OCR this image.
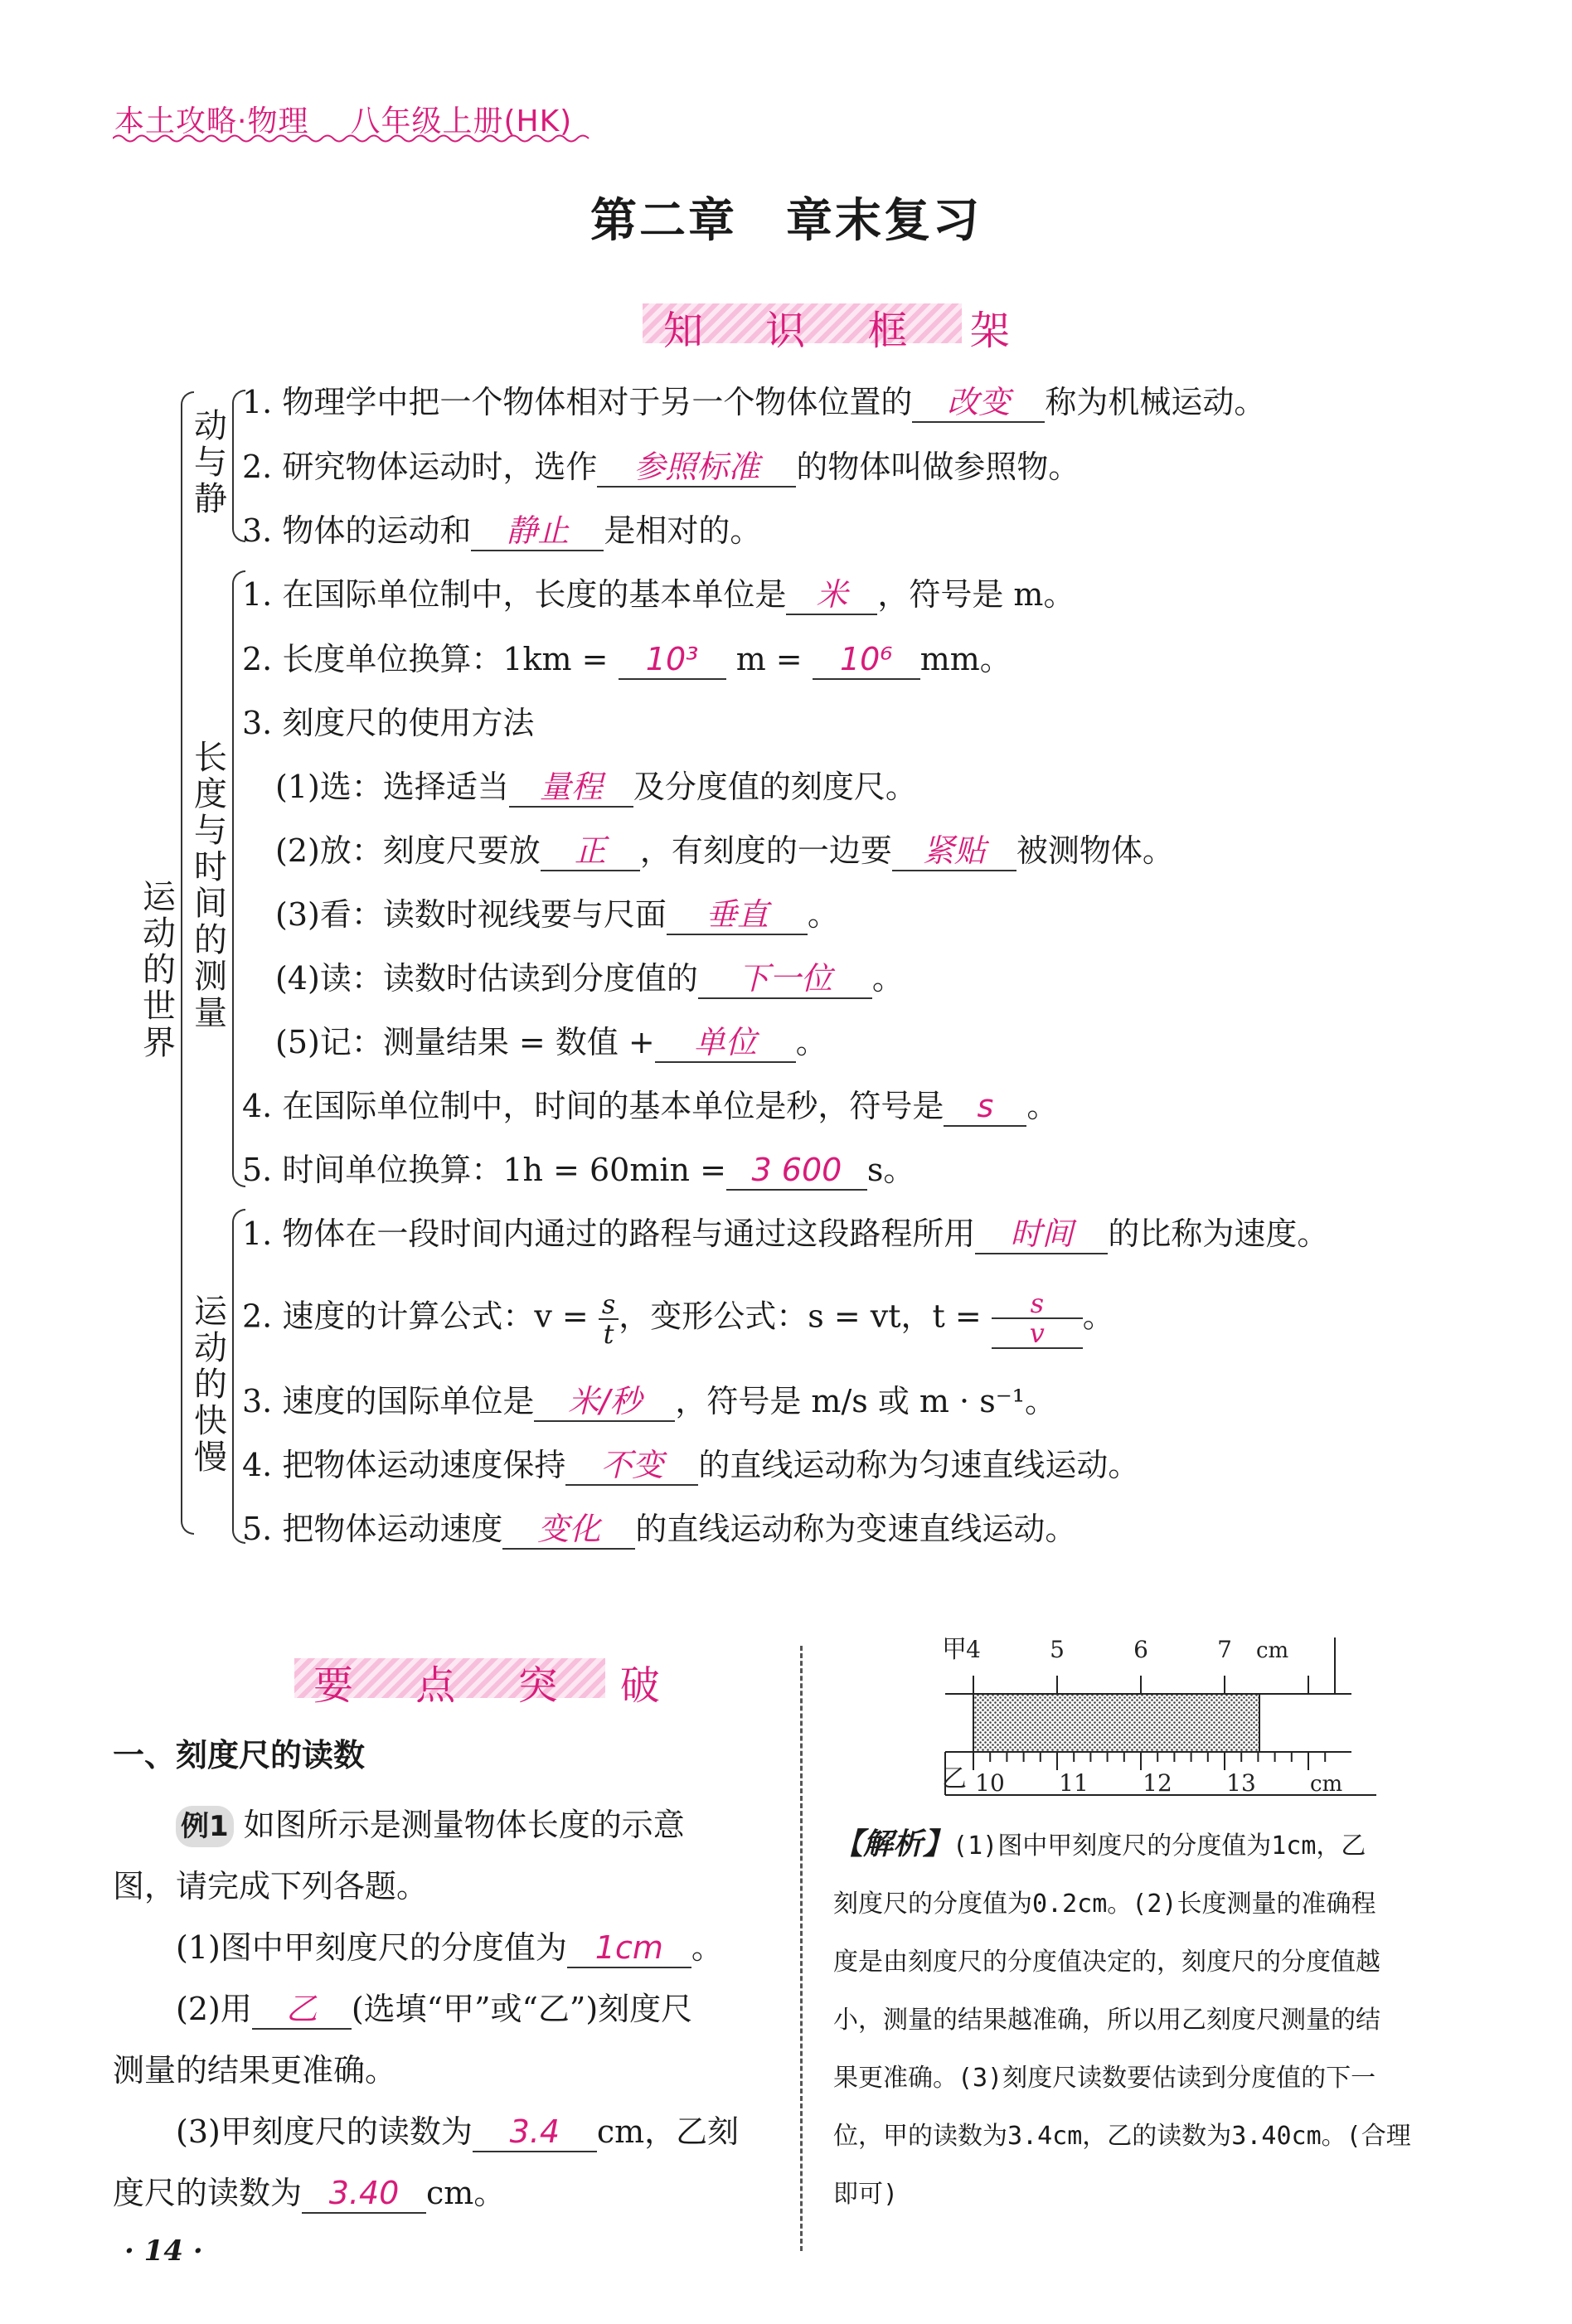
本土攻略·物理 八年级上册(HK)
第二章　章末复习
知 识 框 架
运动的世界
动与静
长度与时间的测量
运动的快慢
1. 物理学中把一个物体相对于另一个物体位置的 改变 称为机械运动。
2. 研究物体运动时，选作 参照标准 的物体叫做参照物。
3. 物体的运动和 静止 是相对的。
1. 在国际单位制中，长度的基本单位是 米 ，符号是 m。
2. 长度单位换算：1km = 10³ m = 10⁶ mm。
3. 刻度尺的使用方法
(1)选：选择适当 量程 及分度值的刻度尺。
(2)放：刻度尺要放 正 ，有刻度的一边要 紧贴 被测物体。
(3)看：读数时视线要与尺面 垂直 。
(4)读：读数时估读到分度值的 下一位 。
(5)记：测量结果 = 数值 + 单位 。
4. 在国际单位制中，时间的基本单位是秒，符号是 s 。
5. 时间单位换算：1h = 60min = 3 600 s。
1. 物体在一段时间内通过的路程与通过这段路程所用 时间 的比称为速度。
2. 速度的计算公式：$v = \frac{s}{t}$，变形公式：s = vt，$t = \frac{s}{v}$。
3. 速度的国际单位是 米/秒 ，符号是 m/s 或 m · s⁻¹。
4. 把物体运动速度保持 不变 的直线运动称为匀速直线运动。
5. 把物体运动速度 变化 的直线运动称为变速直线运动。
要 点 突 破
一、刻度尺的读数
例1 如图所示是测量物体长度的示意
图，请完成下列各题。
(1)图中甲刻度尺的分度值为 1cm 。
(2)用 乙 (选填“甲”或“乙”)刻度尺
测量的结果更准确。
(3)甲刻度尺的读数为 3.4 cm，乙刻
度尺的读数为 3.40 cm。
甲 4	5	6	7 cm
乙 10 11 12 13	cm
【解析】(1)图中甲刻度尺的分度值为1cm，乙
刻度尺的分度值为0.2cm。(2)长度测量的准确程
度是由刻度尺的分度值决定的，刻度尺的分度值越
小，测量的结果越准确，所以用乙刻度尺测量的结
果更准确。(3)刻度尺读数要估读到分度值的下一
位，甲的读数为3.4cm，乙的读数为3.40cm。(合理
即可)
· 14 ·
